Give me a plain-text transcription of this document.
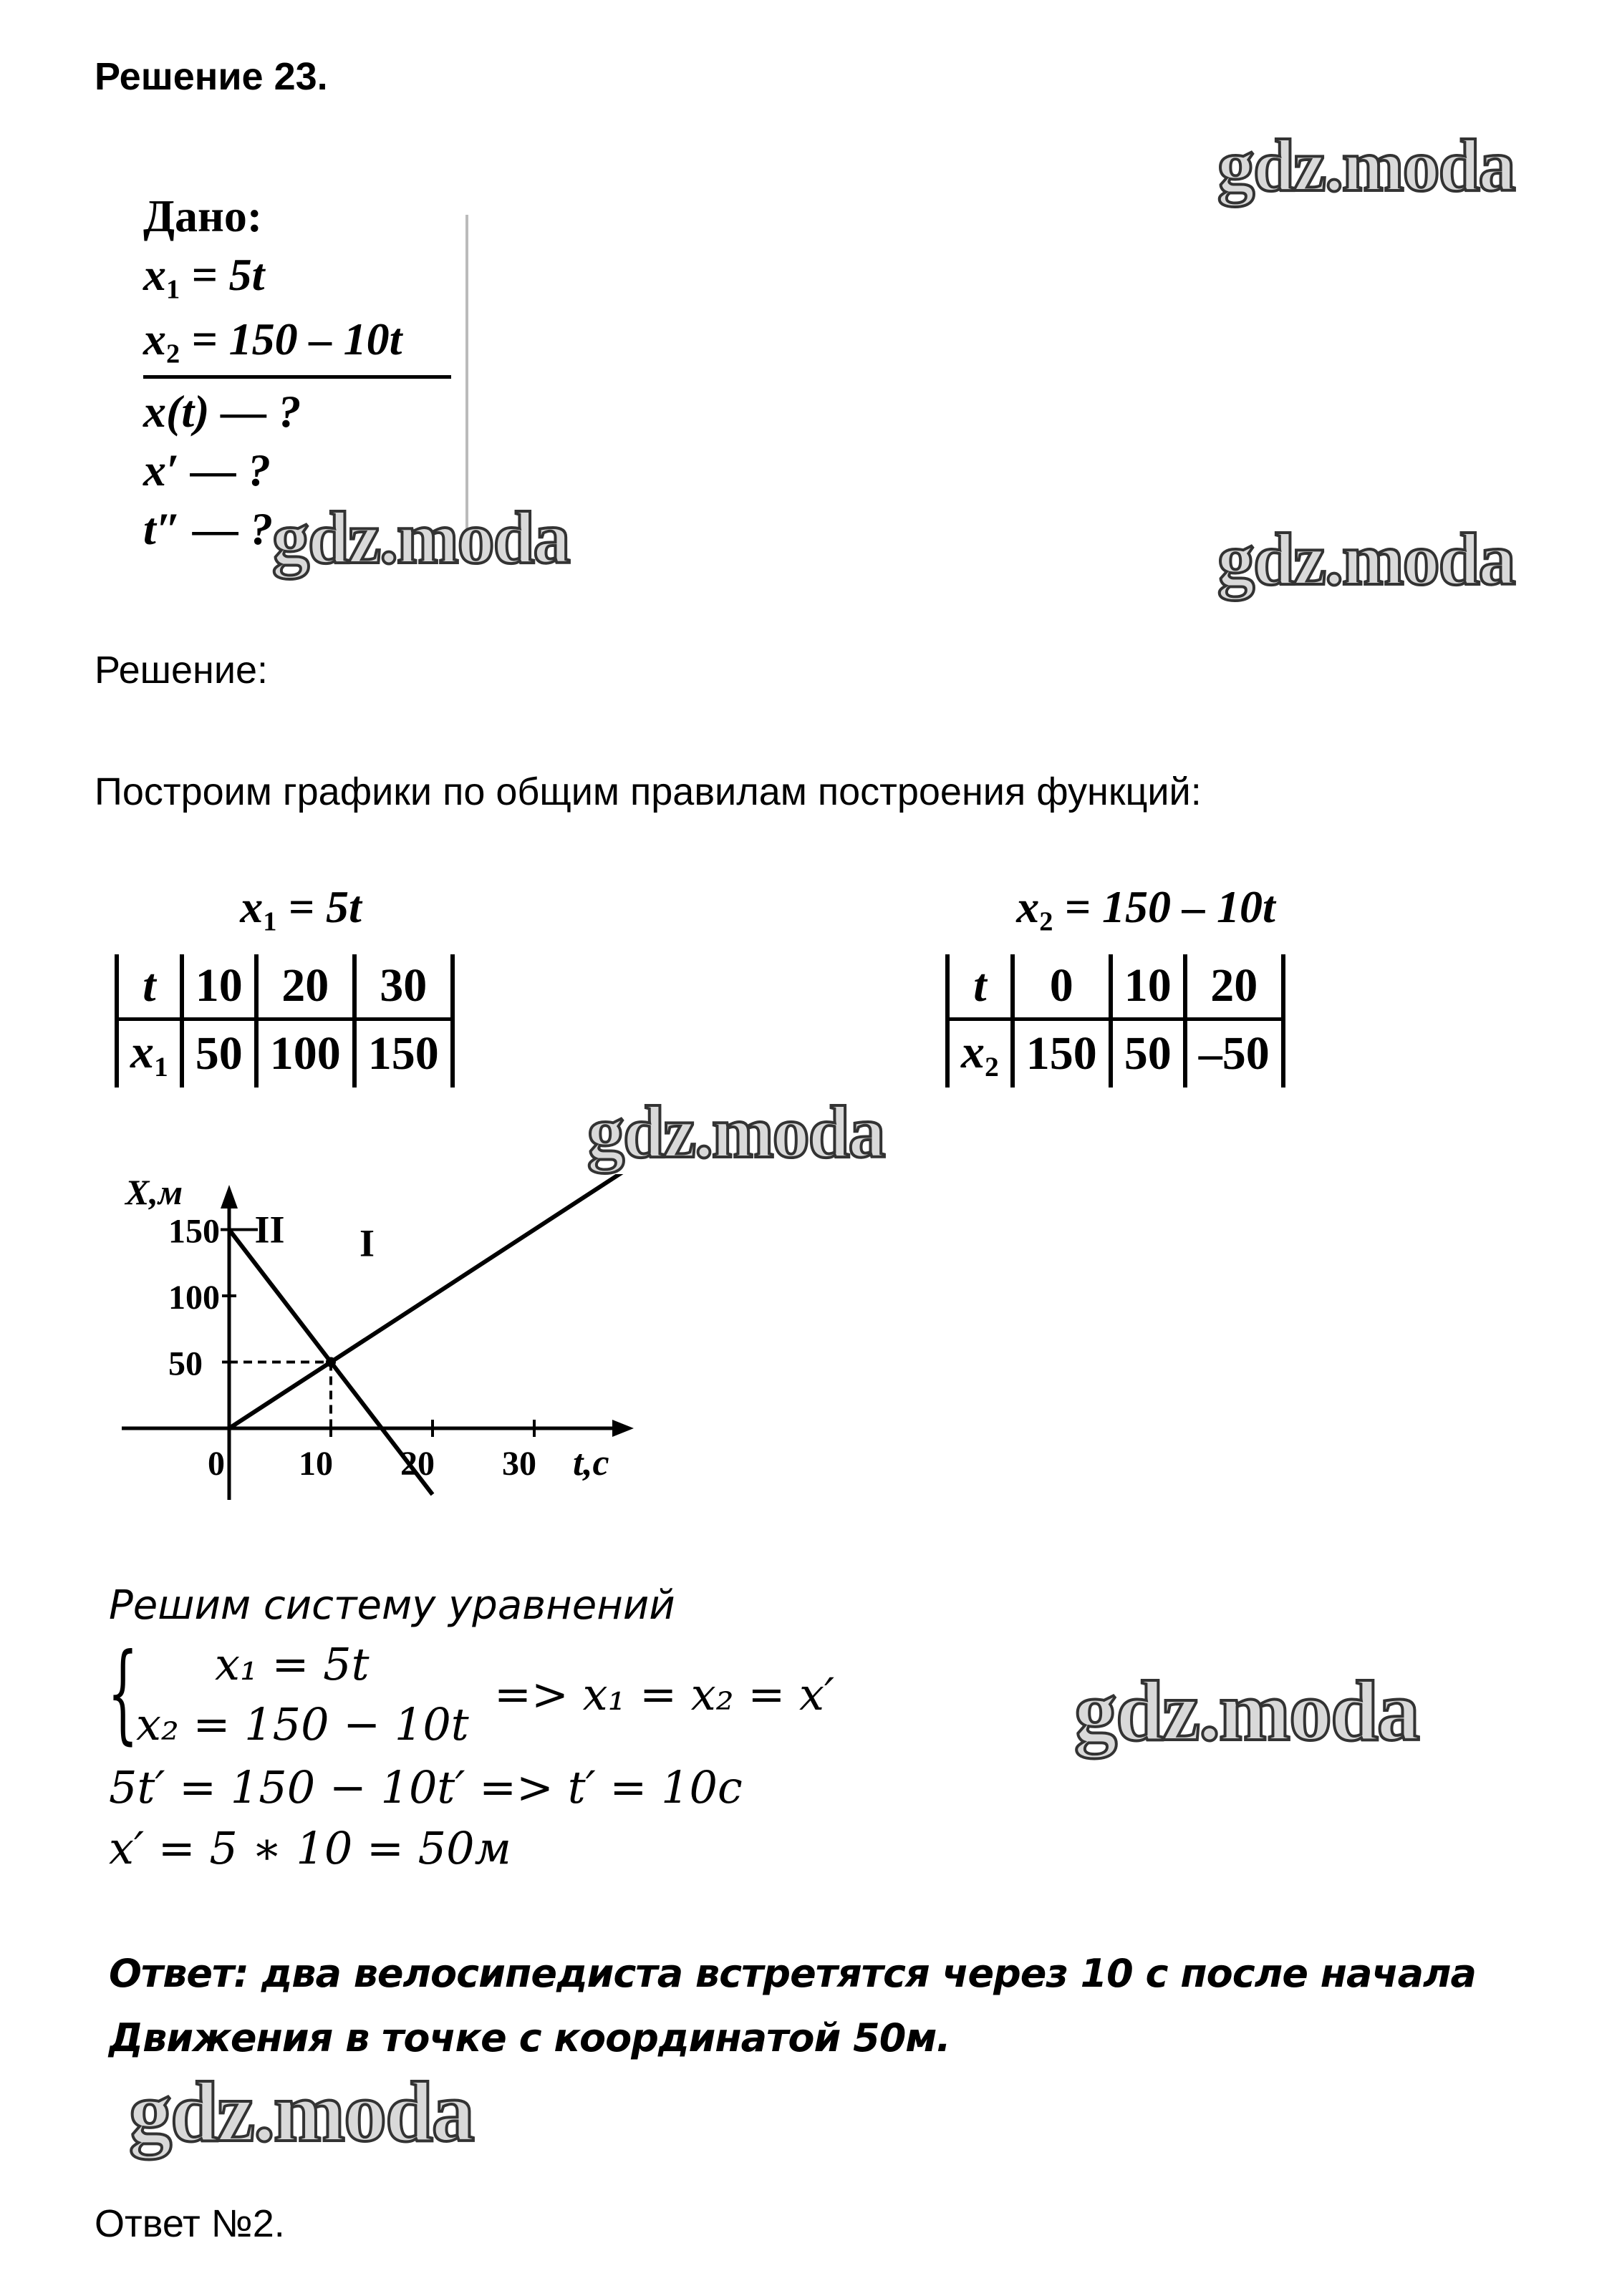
Решение 23.
Дано:
$x_1 = 5t$
$x_2 = 150 - 10t$
x(t) — ?
x′ — ?
t″ — ?
gdz.moda
gdz.moda	gdz.moda
gdz.moda
gdz.moda
gdz.moda
Решение:
Построим графики по общим правилам построения функций:
$x_1 = 5t$
t	10	20	30
$x_1$	50	100	150
$x_2 = 150 - 10t$
t	0	10	20
$x_2$	150	50	–50
50
100
150
0 10 20 30
X,м
t,с
I
II
Решим систему уравнений
{ x₁ = 5t
x₂ = 150 − 10t
=> x₁ = x₂ = x′
5t′ = 150 − 10t′ => t′ = 10с
x′ = 5 ∗ 10 = 50м
Ответ: два велосипедиста встретятся через 10 с после начала
Движения в точке с координатой 50м.
Ответ №2.
